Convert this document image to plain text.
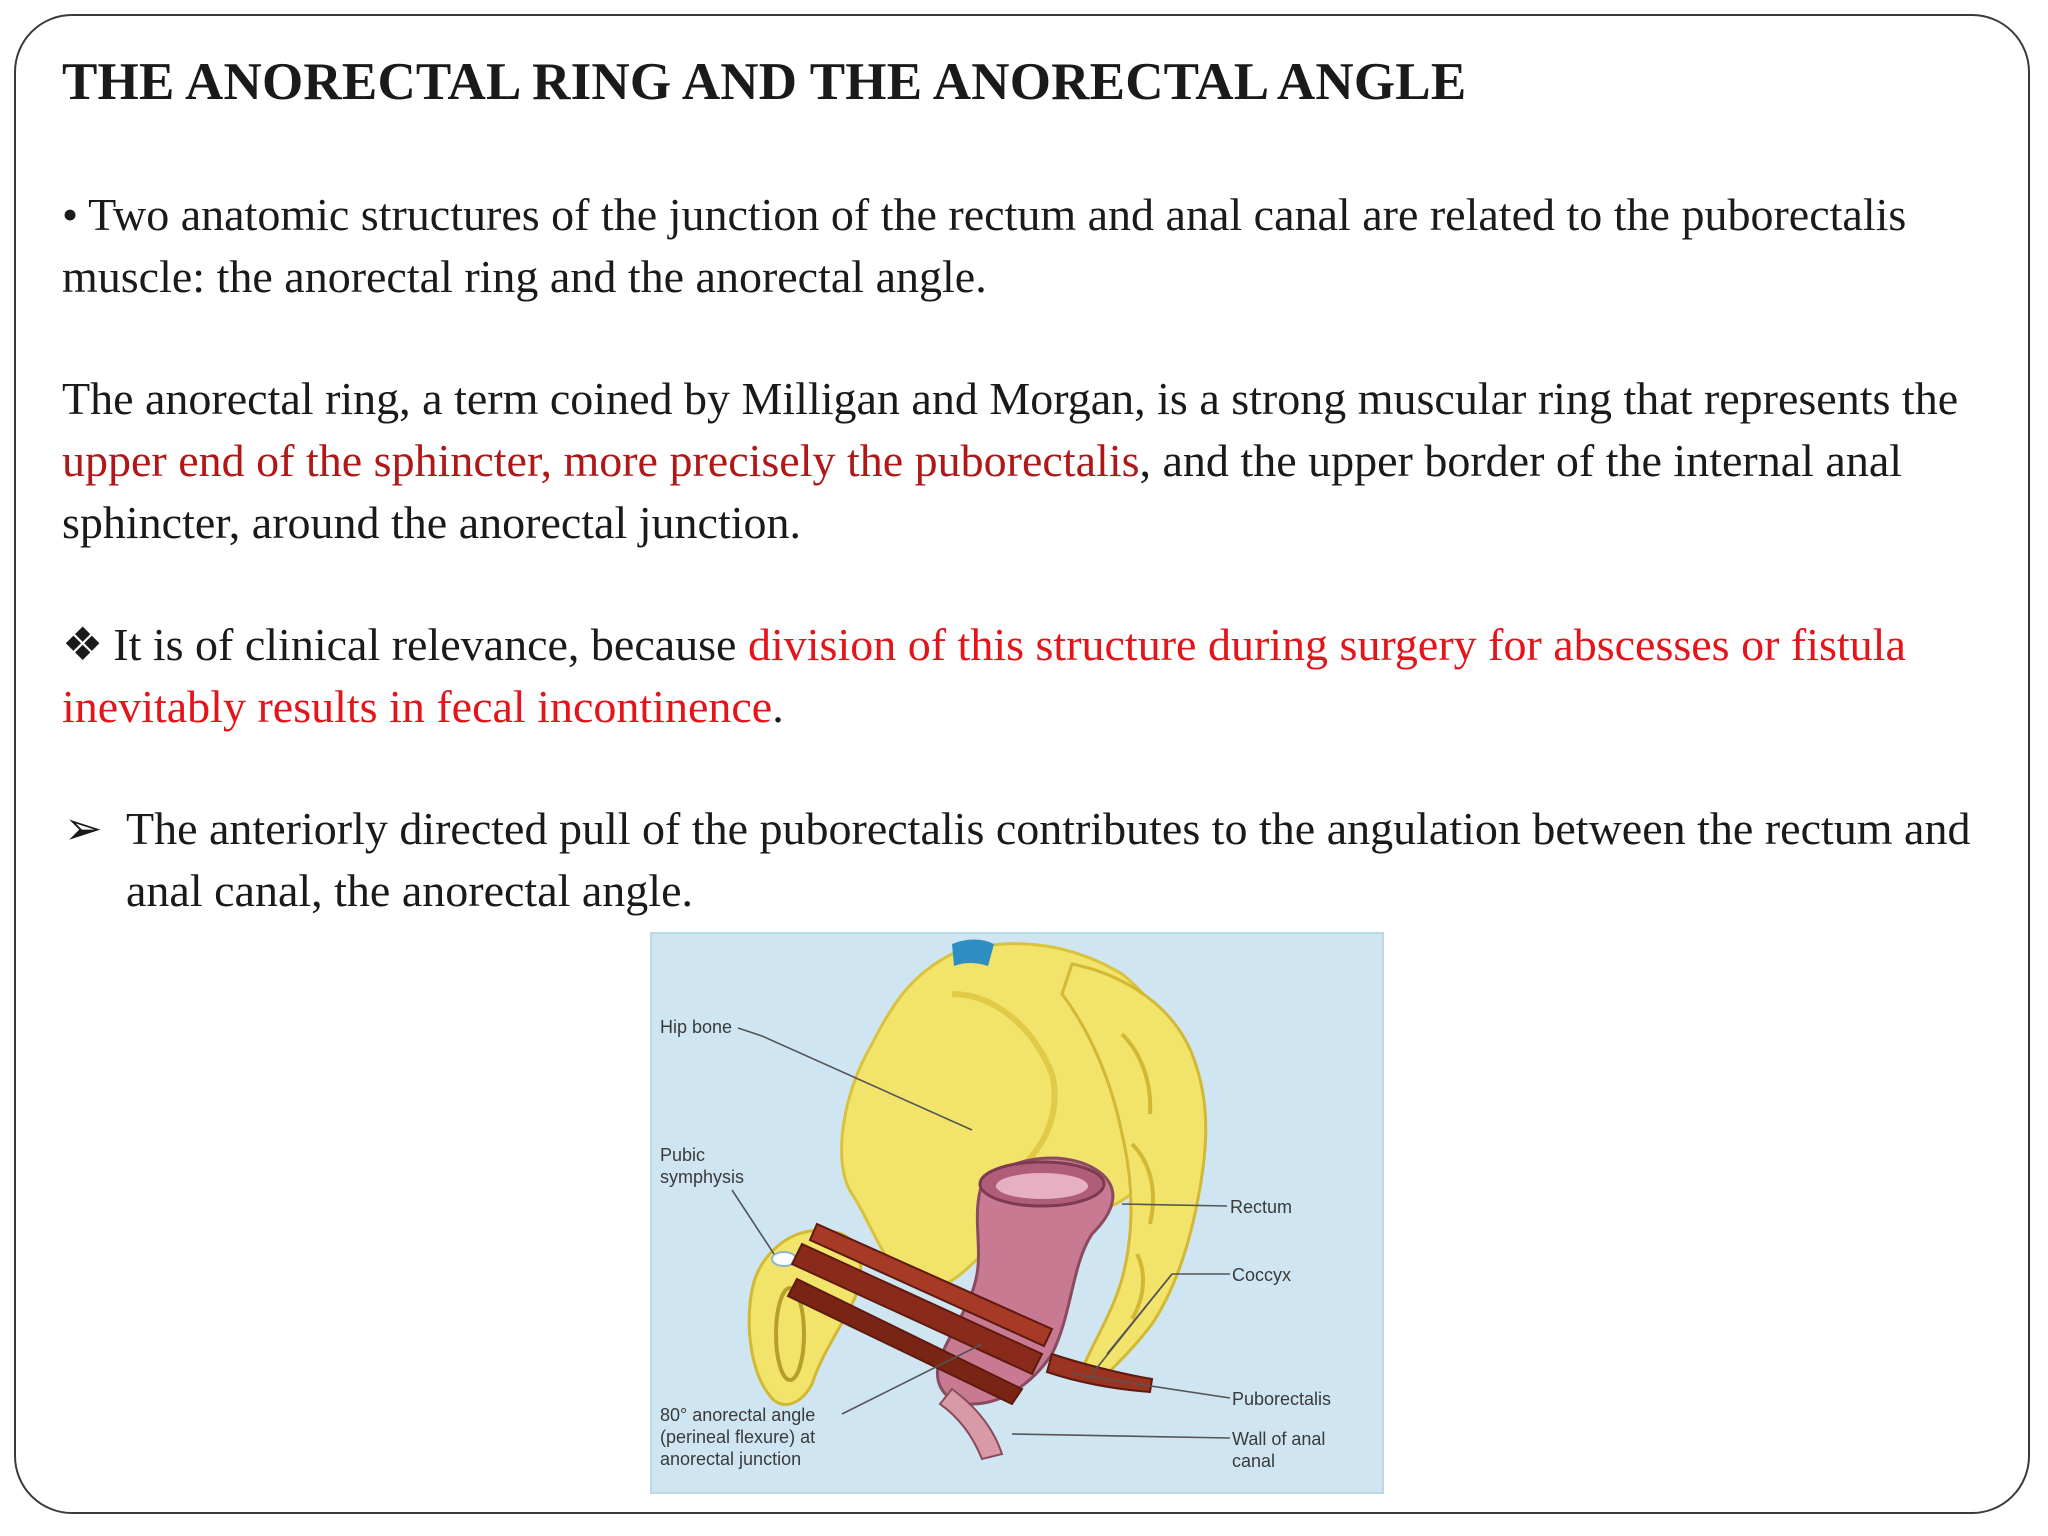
THE ANORECTAL RING AND THE ANORECTAL ANGLE
• Two anatomic structures of the junction of the rectum and anal canal are related to the puborectalis muscle: the anorectal ring and the anorectal angle.
The anorectal ring, a term coined by Milligan and Morgan, is a strong muscular ring that represents the upper end of the sphincter, more precisely the puborectalis, and the upper border of the internal anal sphincter, around the anorectal junction.
❖ It is of clinical relevance, because division of this structure during surgery for abscesses or fistula inevitably results in fecal incontinence.
➢ The anteriorly directed pull of the puborectalis contributes to the angulation between the rectum and anal canal, the anorectal angle.
Hip bone
Pubic symphysis
80° anorectal angle (perineal flexure) at anorectal junction
Rectum
Coccyx
Puborectalis
Wall of anal canal
